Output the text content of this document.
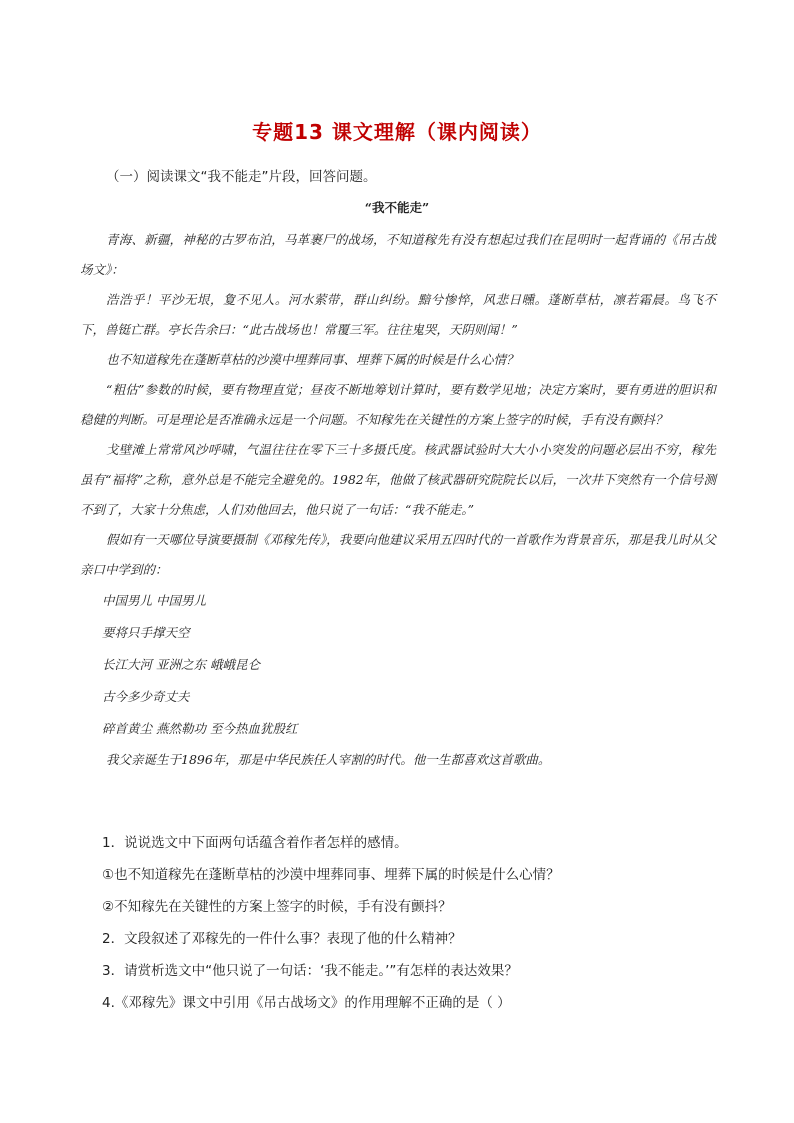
专题13 课文理解（课内阅读）
（一）阅读课文“我不能走”片段，回答问题。
“我不能走”

青海、新疆，神秘的古罗布泊，马革裹尸的战场，不知道稼先有没有想起过我们在昆明时一起背诵的《吊古战场文》：

浩浩乎！平沙无垠，夐不见人。河水萦带，群山纠纷。黯兮惨悴，风悲日曛。蓬断草枯，凛若霜晨。鸟飞不下，兽铤亡群。亭长告余曰：“此古战场也！常覆三军。往往鬼哭，天阴则闻！”

也不知道稼先在蓬断草枯的沙漠中埋葬同事、埋葬下属的时候是什么心情？

“粗估”参数的时候，要有物理直觉；昼夜不断地筹划计算时，要有数学见地；决定方案时，要有勇进的胆识和稳健的判断。可是理论是否准确永远是一个问题。不知稼先在关键性的方案上签字的时候，手有没有颤抖？

戈壁滩上常常风沙呼啸，气温往往在零下三十多摄氏度。核武器试验时大大小小突发的问题必层出不穷，稼先虽有“福将”之称，意外总是不能完全避免的。1982年，他做了核武器研究院院长以后，一次井下突然有一个信号测不到了，大家十分焦虑，人们劝他回去，他只说了一句话：“我不能走。”

假如有一天哪位导演要摄制《邓稼先传》，我要向他建议采用五四时代的一首歌作为背景音乐，那是我儿时从父亲口中学到的：

中国男儿 中国男儿

要将只手撑天空

长江大河 亚洲之东 峨峨昆仑

古今多少奇丈夫

碎首黄尘 燕然勒功 至今热血犹殷红

我父亲诞生于1896年，那是中华民族任人宰割的时代。他一生都喜欢这首歌曲。

1．说说选文中下面两句话蕴含着作者怎样的感情。

①也不知道稼先在蓬断草枯的沙漠中埋葬同事、埋葬下属的时候是什么心情？

②不知稼先在关键性的方案上签字的时候，手有没有颤抖？

2．文段叙述了邓稼先的一件什么事？表现了他的什么精神？

3．请赏析选文中“他只说了一句话：‘我不能走。’”有怎样的表达效果？

4.《邓稼先》课文中引用《吊古战场文》的作用理解不正确的是（ ）
